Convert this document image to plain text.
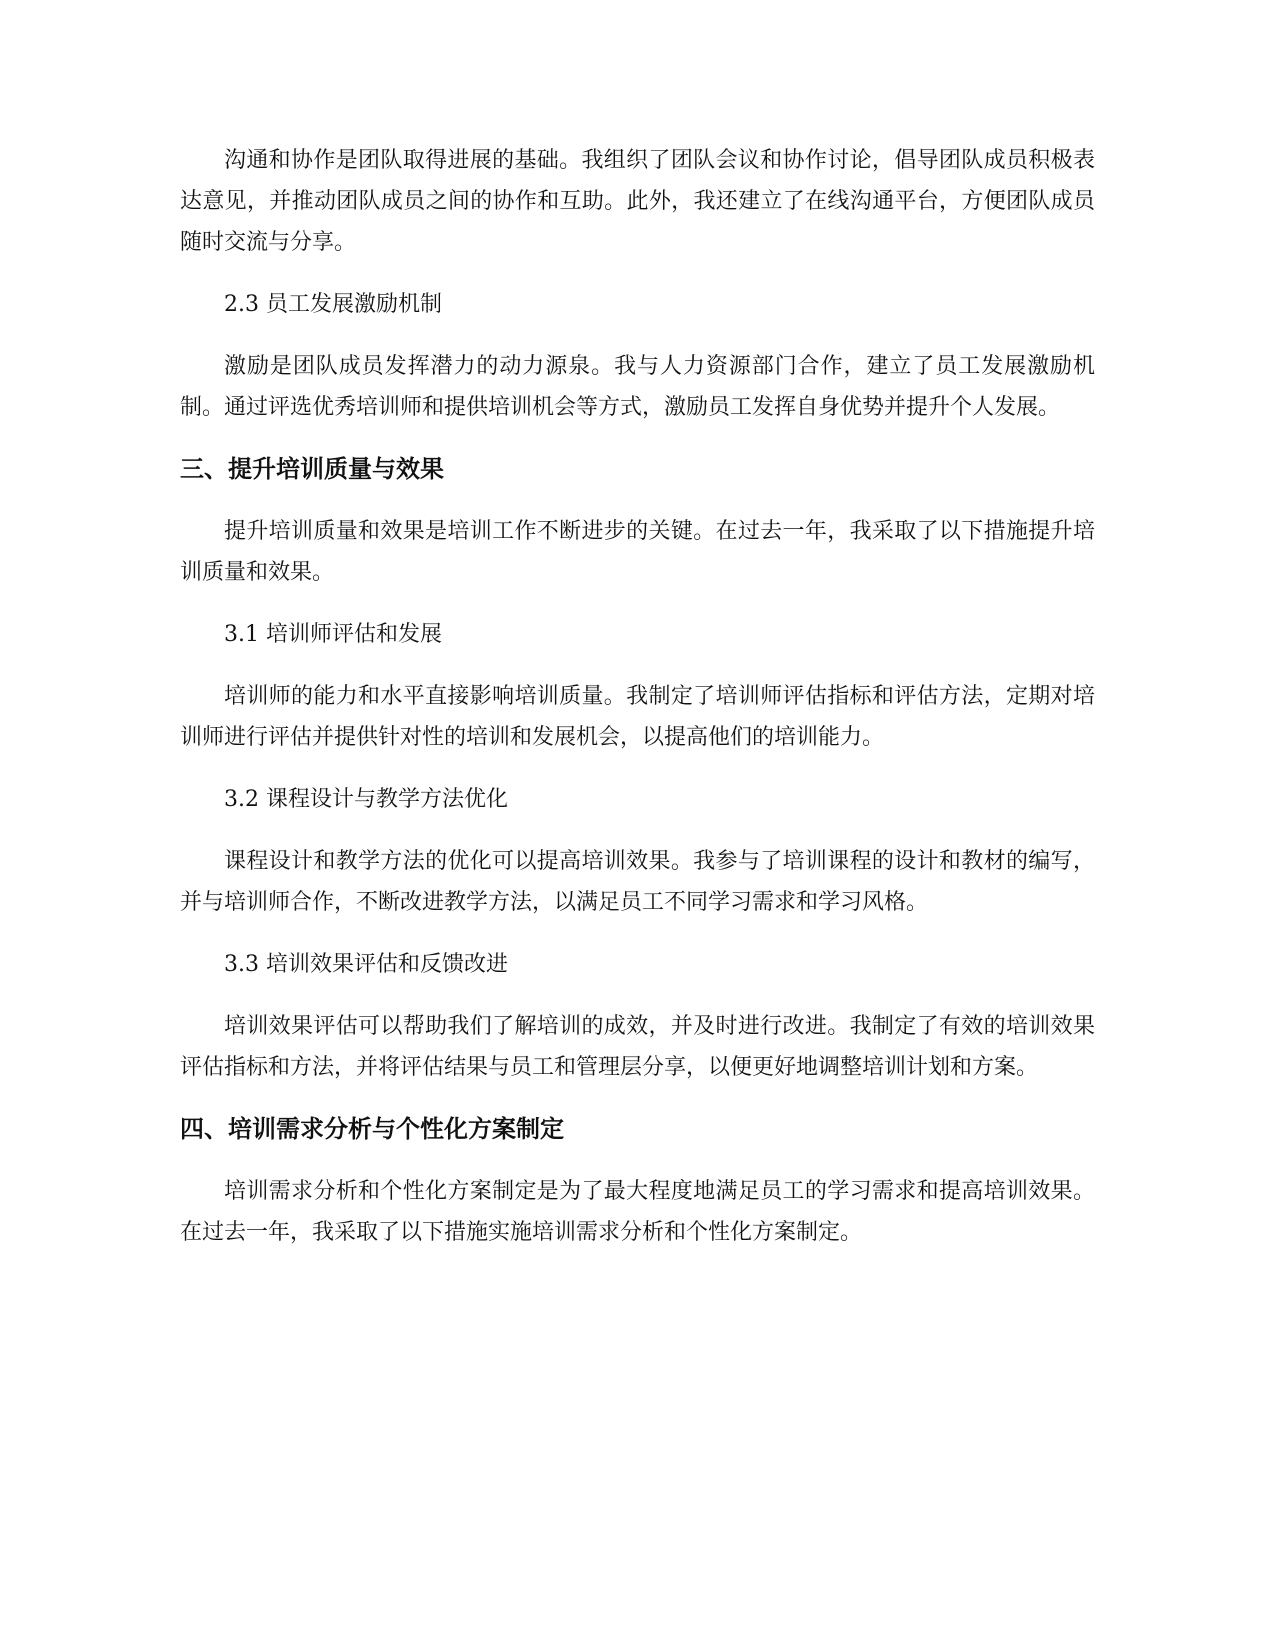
沟通和协作是团队取得进展的基础。我组织了团队会议和协作讨论，倡导团队成员积极表达意见，并推动团队成员之间的协作和互助。此外，我还建立了在线沟通平台，方便团队成员随时交流与分享。

2.3 员工发展激励机制

激励是团队成员发挥潜力的动力源泉。我与人力资源部门合作，建立了员工发展激励机制。通过评选优秀培训师和提供培训机会等方式，激励员工发挥自身优势并提升个人发展。

三、提升培训质量与效果

提升培训质量和效果是培训工作不断进步的关键。在过去一年，我采取了以下措施提升培训质量和效果。

3.1 培训师评估和发展

培训师的能力和水平直接影响培训质量。我制定了培训师评估指标和评估方法，定期对培训师进行评估并提供针对性的培训和发展机会，以提高他们的培训能力。

3.2 课程设计与教学方法优化

课程设计和教学方法的优化可以提高培训效果。我参与了培训课程的设计和教材的编写，并与培训师合作，不断改进教学方法，以满足员工不同学习需求和学习风格。

3.3 培训效果评估和反馈改进

培训效果评估可以帮助我们了解培训的成效，并及时进行改进。我制定了有效的培训效果评估指标和方法，并将评估结果与员工和管理层分享，以便更好地调整培训计划和方案。

四、培训需求分析与个性化方案制定

培训需求分析和个性化方案制定是为了最大程度地满足员工的学习需求和提高培训效果。在过去一年，我采取了以下措施实施培训需求分析和个性化方案制定。
